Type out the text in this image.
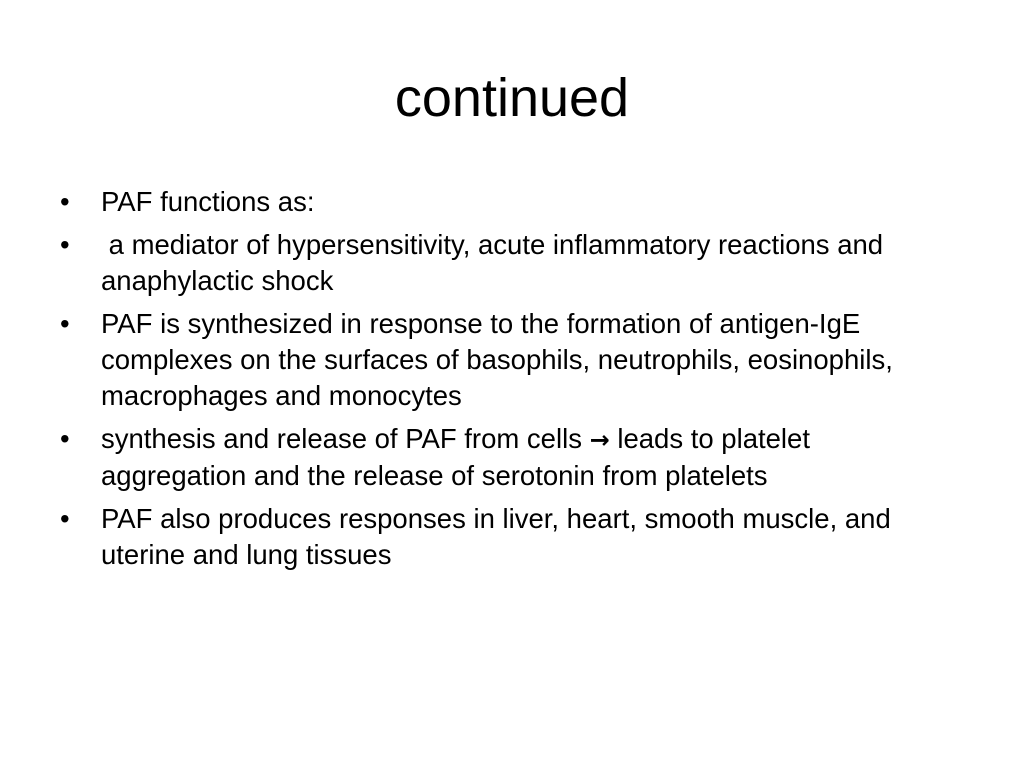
continued
• PAF functions as:
• a mediator of hypersensitivity, acute inflammatory reactions and anaphylactic shock
• PAF is synthesized in response to the formation of antigen-IgE complexes on the surfaces of basophils, neutrophils, eosinophils, macrophages and monocytes
• synthesis and release of PAF from cells → leads to platelet aggregation and the release of serotonin from platelets
• PAF also produces responses in liver, heart, smooth muscle, and uterine and lung tissues
